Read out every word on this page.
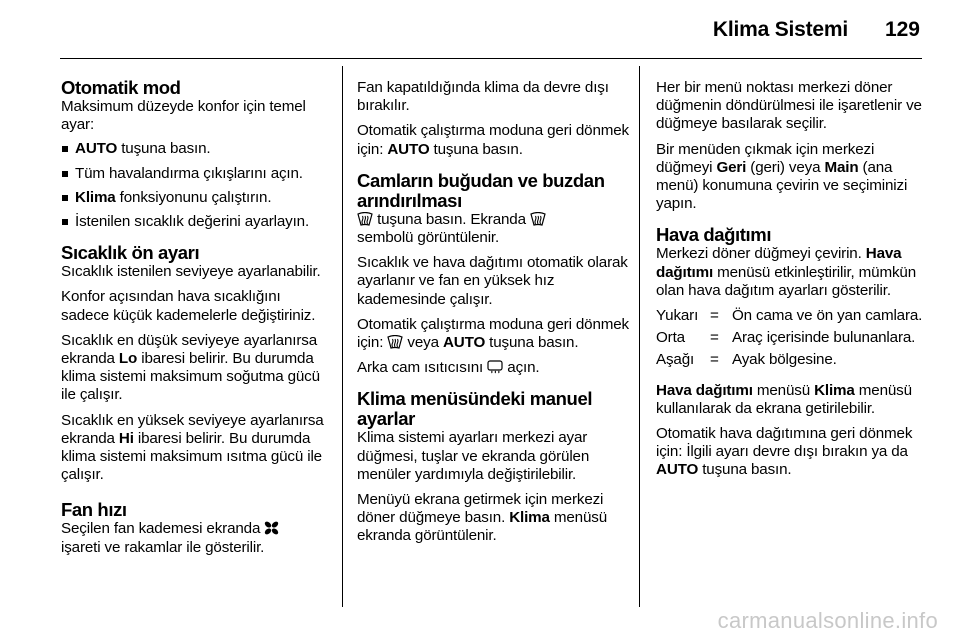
Klima Sistemi 129
Otomatik mod

Maksimum düzeyde konfor için temel ayar:

AUTO tuşuna basın.
Tüm havalandırma çıkışlarını açın.
Klima fonksiyonunu çalıştırın.
İstenilen sıcaklık değerini ayarlayın.
Sıcaklık ön ayarı

Sıcaklık istenilen seviyeye ayarlanabilir.

Konfor açısından hava sıcaklığını sadece küçük kademelerle değiştiriniz.

Sıcaklık en düşük seviyeye ayarlanırsa ekranda Lo ibaresi belirir. Bu durumda klima sistemi maksimum soğutma gücü ile çalışır.

Sıcaklık en yüksek seviyeye ayarlanırsa ekranda Hi ibaresi belirir. Bu durumda klima sistemi maksimum ısıtma gücü ile çalışır.

Fan hızı

Seçilen fan kademesi ekranda

işareti ve rakamlar ile gösterilir.

Fan kapatıldığında klima da devre dışı bırakılır.

Otomatik çalıştırma moduna geri dönmek için: AUTO tuşuna basın.

Camların buğudan ve buzdan arındırılması

tuşuna basın. Ekranda

sembolü görüntülenir.

Sıcaklık ve hava dağıtımı otomatik olarak ayarlanır ve fan en yüksek hız kademesinde çalışır.

Otomatik çalıştırma moduna geri dönmek için:
veya AUTO tuşuna basın.

Arka cam ısıtıcısını
açın.

Klima menüsündeki manuel ayarlar

Klima sistemi ayarları merkezi ayar düğmesi, tuşlar ve ekranda görülen menüler yardımıyla değiştirilebilir.

Menüyü ekrana getirmek için merkezi döner düğmeye basın. Klima menüsü ekranda görüntülenir.

Her bir menü noktası merkezi döner düğmenin döndürülmesi ile işaretlenir ve düğmeye basılarak seçilir.

Bir menüden çıkmak için merkezi düğmeyi Geri (geri) veya Main (ana menü) konumuna çevirin ve seçiminizi yapın.

Hava dağıtımı

Merkezi döner düğmeyi çevirin. Hava dağıtımı menüsü etkinleştirilir, mümkün olan hava dağıtım ayarları gösterilir.

Yukarı = Ön cama ve ön yan camlara.
Orta	= Araç içerisinde bulunanlara.
Aşağı	= Ayak bölgesine.

Hava dağıtımı menüsü Klima menüsü kullanılarak da ekrana getirilebilir.

Otomatik hava dağıtımına geri dönmek için: İlgili ayarı devre dışı bırakın ya da AUTO tuşuna basın.

carmanualsonline.info
